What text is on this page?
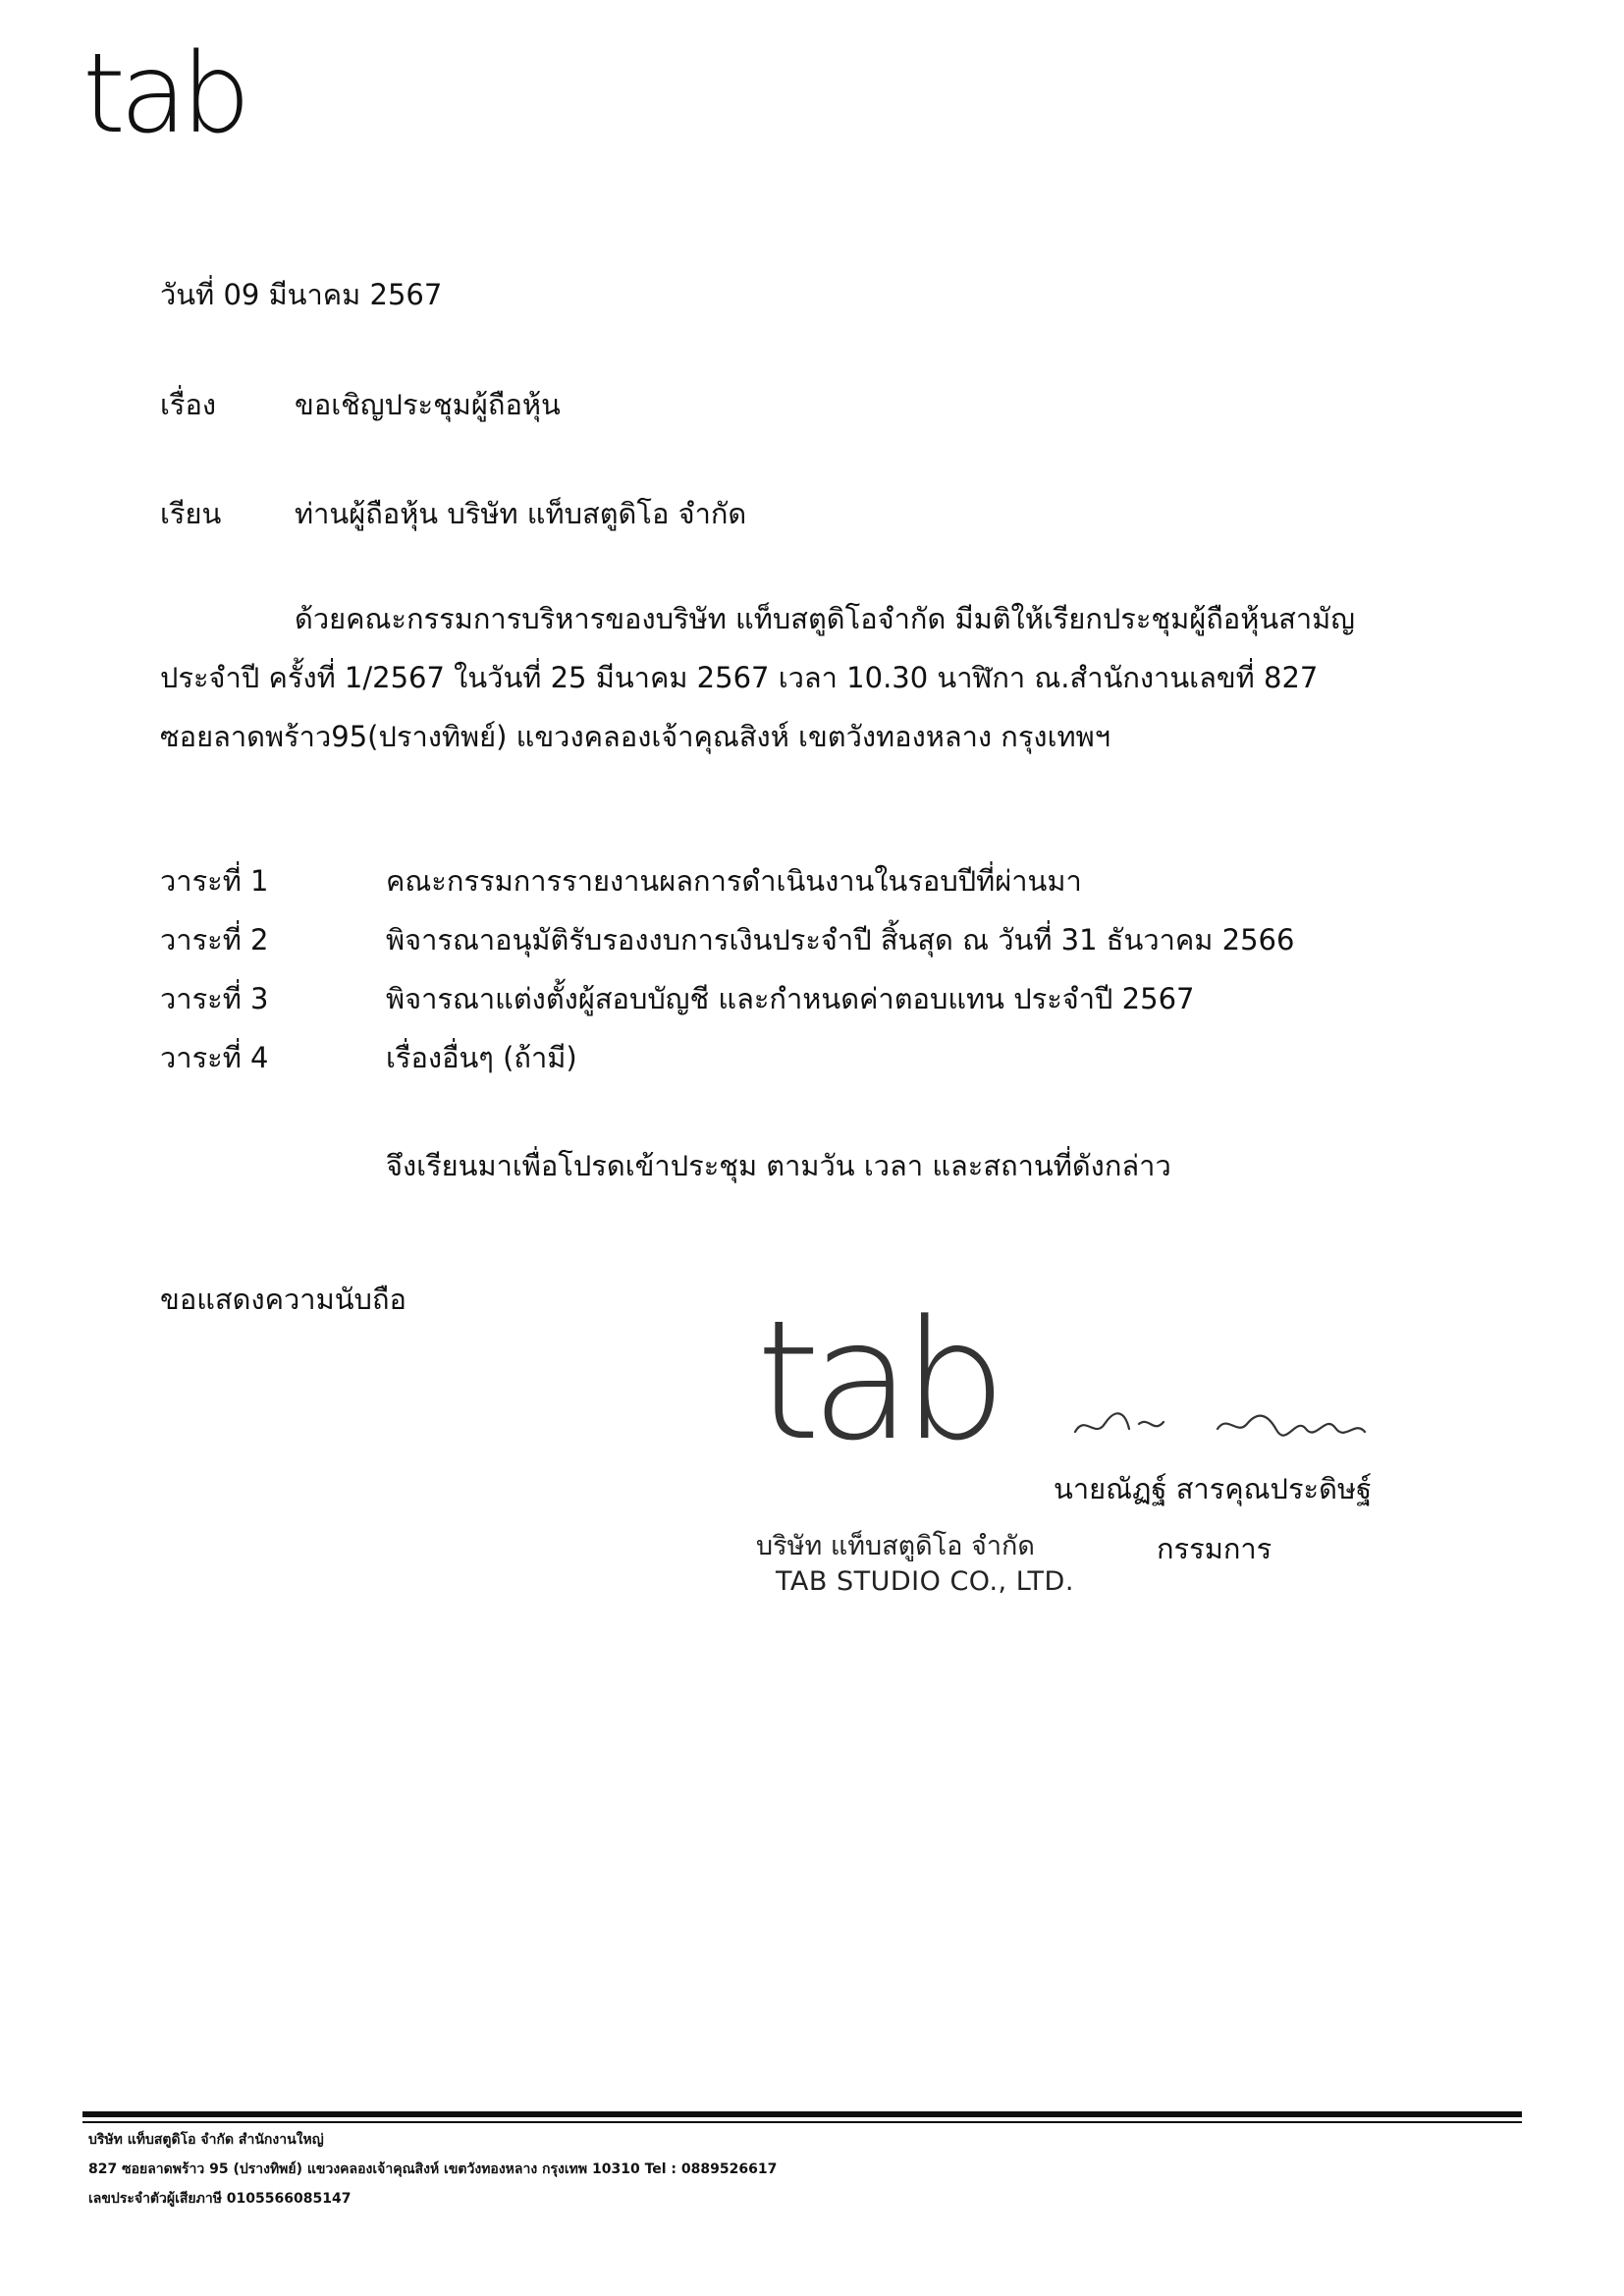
tab
วันที่ 09 มีนาคม 2567
เรื่อง	ขอเชิญประชุมผู้ถือหุ้น
เรียน	ท่านผู้ถือหุ้น บริษัท แท็บสตูดิโอ จำกัด
ด้วยคณะกรรมการบริหารของบริษัท แท็บสตูดิโอจำกัด มีมติให้เรียกประชุมผู้ถือหุ้นสามัญ
ประจำปี ครั้งที่ 1/2567 ในวันที่ 25 มีนาคม 2567 เวลา 10.30 นาฬิกา ณ.สำนักงานเลขที่ 827
ซอยลาดพร้าว95(ปรางทิพย์) แขวงคลองเจ้าคุณสิงห์ เขตวังทองหลาง กรุงเทพฯ
วาระที่ 1	คณะกรรมการรายงานผลการดำเนินงานในรอบปีที่ผ่านมา
วาระที่ 2	พิจารณาอนุมัติรับรองงบการเงินประจำปี สิ้นสุด ณ วันที่ 31 ธันวาคม 2566
วาระที่ 3	พิจารณาแต่งตั้งผู้สอบบัญชี และกำหนดค่าตอบแทน ประจำปี 2567
วาระที่ 4	เรื่องอื่นๆ (ถ้ามี)
จึงเรียนมาเพื่อโปรดเข้าประชุม ตามวัน เวลา และสถานที่ดังกล่าว
ขอแสดงความนับถือ tab
บริษัท แท็บสตูดิโอ จำกัด
TAB STUDIO CO., LTD.
นายณัฏฐ์ สารคุณประดิษฐ์
กรรมการ
บริษัท แท็บสตูดิโอ จำกัด สำนักงานใหญ่
827 ซอยลาดพร้าว 95 (ปรางทิพย์) แขวงคลองเจ้าคุณสิงห์ เขตวังทองหลาง กรุงเทพ 10310 Tel : 0889526617
เลขประจำตัวผู้เสียภาษี 0105566085147
